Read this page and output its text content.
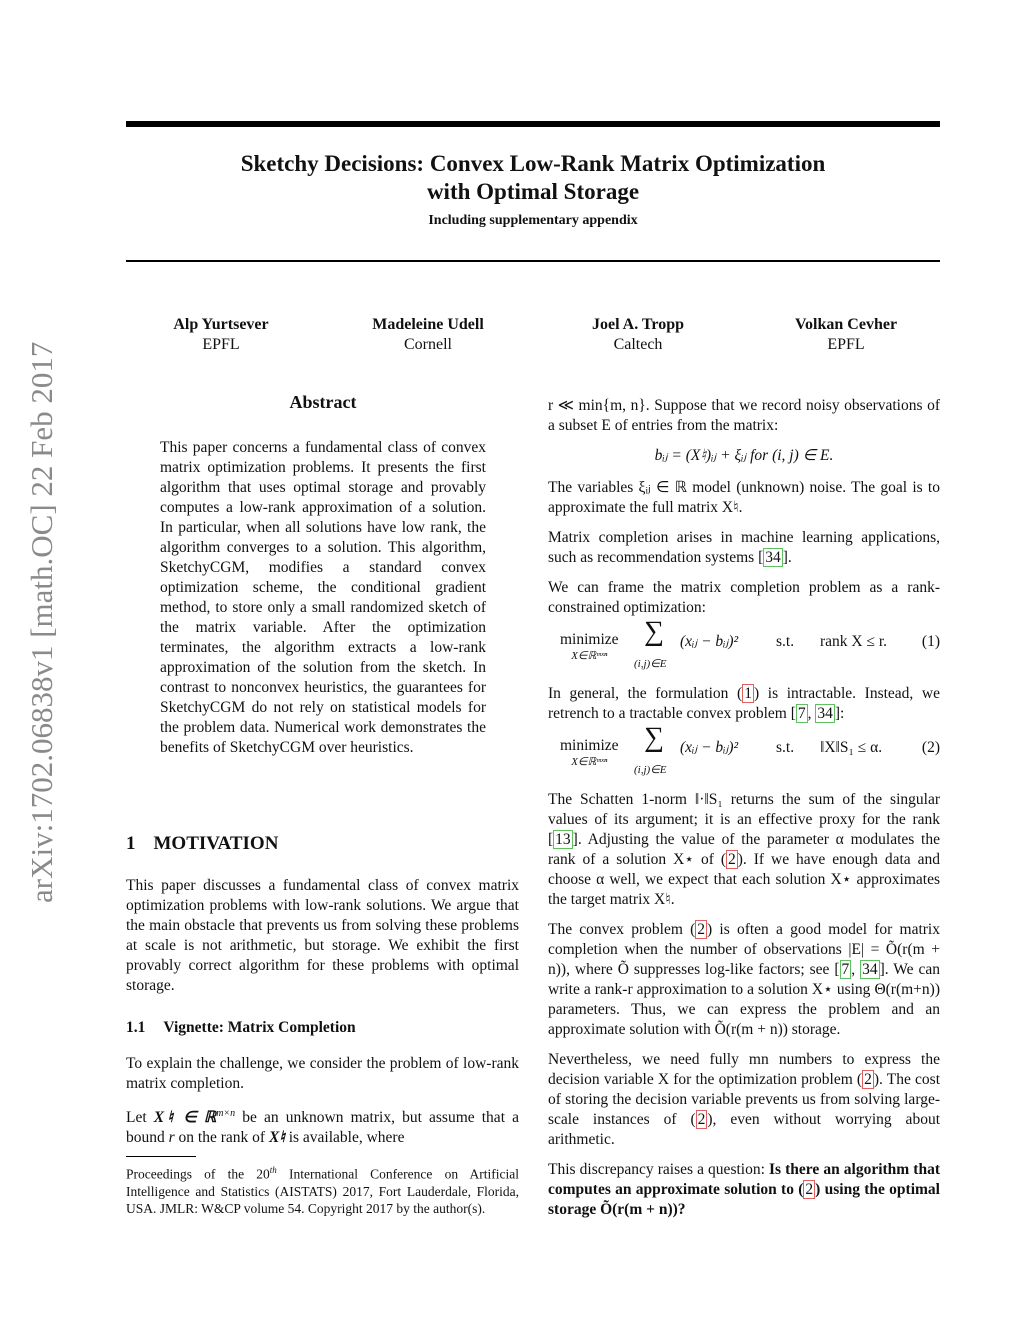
Sketchy Decisions: Convex Low-Rank Matrix Optimization
with Optimal Storage
Including supplementary appendix
Alp Yurtsever
EPFL
Madeleine Udell
Cornell
Joel A. Tropp
Caltech
Volkan Cevher
EPFL
arXiv:1702.06838v1 [math.OC] 22 Feb 2017	Abstract
This paper concerns a fundamental class of convex matrix optimization problems. It presents the first algorithm that uses optimal storage and provably computes a low-rank approximation of a solution. In particular, when all solutions have low rank, the algorithm converges to a solution. This algorithm, SketchyCGM, modifies a standard convex optimization scheme, the conditional gradient method, to store only a small randomized sketch of the matrix variable. After the optimization terminates, the algorithm extracts a low-rank approximation of the solution from the sketch. In contrast to nonconvex heuristics, the guarantees for SketchyCGM do not rely on statistical models for the problem data. Numerical work demonstrates the benefits of SketchyCGM over heuristics.
1 MOTIVATION
This paper discusses a fundamental class of convex matrix optimization problems with low-rank solutions. We argue that the main obstacle that prevents us from solving these problems at scale is not arithmetic, but storage. We exhibit the first provably correct algorithm for these problems with optimal storage.
1.1 Vignette: Matrix Completion

To explain the challenge, we consider the problem of low-rank matrix completion.

Let X♮ ∈ ℝ$^{m\times n}$ be an unknown matrix, but assume that a bound r on the rank of X♮ is available, where

Proceedings of the 20th International Conference on Artificial Intelligence and Statistics (AISTATS) 2017, Fort Lauderdale, Florida, USA. JMLR: W&CP volume 54. Copyright 2017 by the author(s).

r ≪ min{m, n}. Suppose that we record noisy observations of a subset E of entries from the matrix:

bᵢⱼ = (X♮)ᵢⱼ + ξᵢⱼ for (i, j) ∈ E.

The variables ξᵢⱼ ∈ ℝ model (unknown) noise. The goal is to approximate the full matrix X♮.

Matrix completion arises in machine learning applications, such as recommendation systems [ 34 ].

We can frame the matrix completion problem as a rank-constrained optimization:

minimize
X∈ℝᵐˣⁿ
∑
(i,j)∈E
(xᵢⱼ − bᵢⱼ)² s.t. rank X ≤ r. (1)

In general, the formulation ( 1 ) is intractable. Instead, we retrench to a tractable convex problem [ 7 , 34 ]:

minimize
X∈ℝᵐˣⁿ
∑
(i,j)∈E
(xᵢⱼ − bᵢⱼ)² s.t. ‖X‖S₁ ≤ α.	(2)

The Schatten 1-norm ‖·‖S₁ returns the sum of the singular values of its argument; it is an effective proxy for the rank [ 13 ]. Adjusting the value of the parameter α modulates the rank of a solution X⋆ of ( 2 ). If we have enough data and choose α well, we expect that each solution X⋆ approximates the target matrix X♮.

The convex problem ( 2 ) is often a good model for matrix completion when the number of observations |E| = Õ(r(m + n)), where Õ suppresses log-like factors; see [ 7 , 34 ]. We can write a rank-r approximation to a solution X⋆ using Θ(r(m+n)) parameters. Thus, we can express the problem and an approximate solution with Õ(r(m + n)) storage.

Nevertheless, we need fully mn numbers to express the decision variable X for the optimization problem ( 2 ). The cost of storing the decision variable prevents us from solving large-scale instances of ( 2 ), even without worrying about arithmetic.

This discrepancy raises a question: Is there an algorithm that computes an approximate solution to ( 2 ) using the optimal storage Õ(r(m + n))?
